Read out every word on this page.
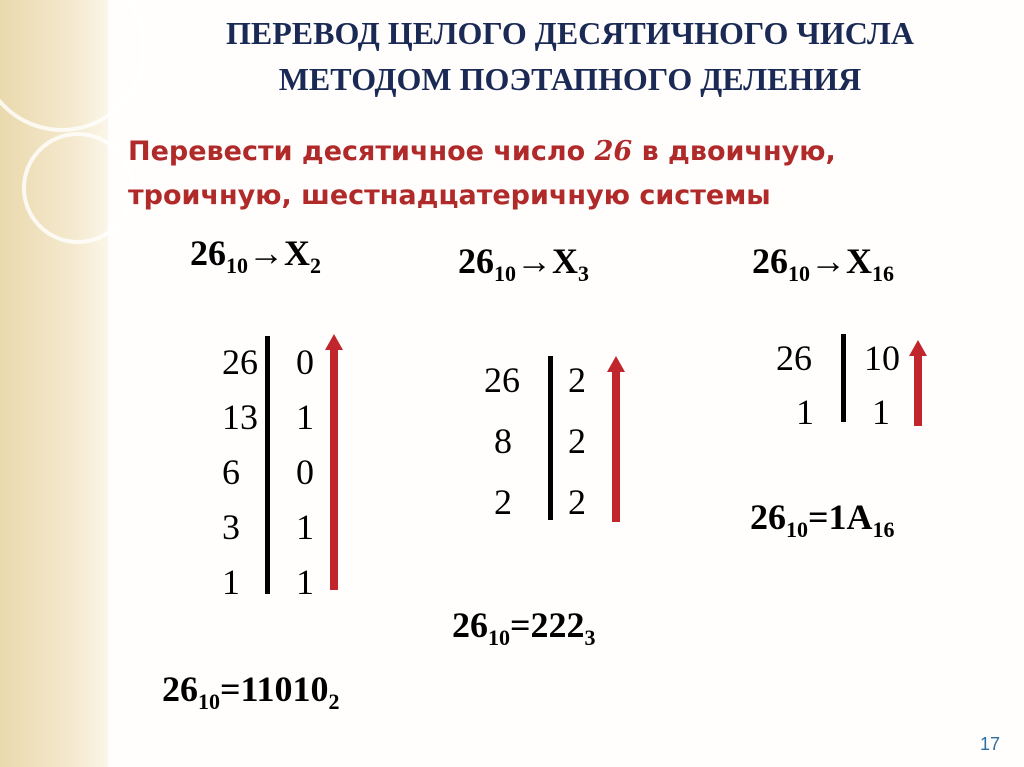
ПЕРЕВОД ЦЕЛОГО ДЕСЯТИЧНОГО ЧИСЛА
МЕТОДОМ ПОЭТАПНОГО ДЕЛЕНИЯ
Перевести десятичное число 26 в двоичную,
троичную, шестнадцатеричную системы
$26_{10}\to X_2$
26
13
6
3
1
0
1
0
1
1
$26_{10}=11010_2$
$26_{10}\to X_3$
26
8
2
2
2
2
$26_{10}=222_3$
$26_{10}\to X_{16}$
26
1
10
1
$26_{10}=1A_{16}$
17
